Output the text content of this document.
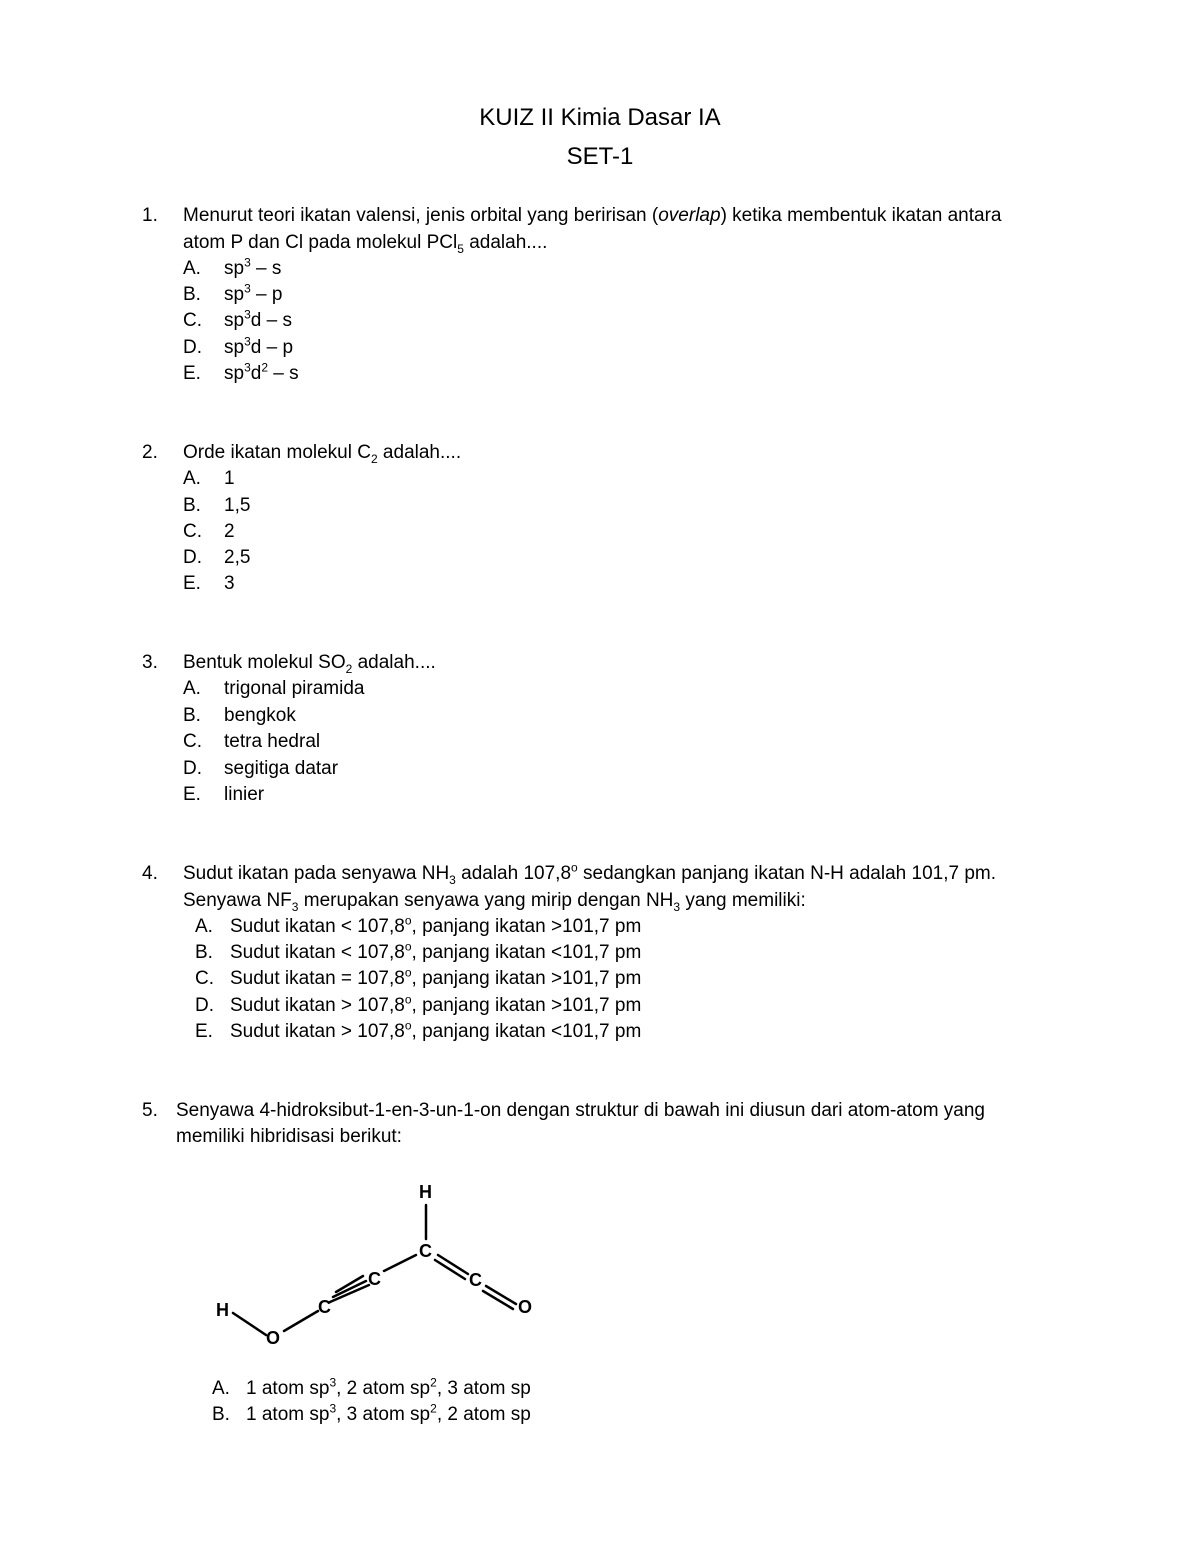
KUIZ II Kimia Dasar IA
SET-1
1. Menurut teori ikatan valensi, jenis orbital yang beririsan (overlap) ketika membentuk ikatan antara
atom P dan Cl pada molekul PCl$_5$ adalah....
A. $sp^3$ – s
B. $sp^3$ – p
C. $sp^3d$ – s
D. $sp^3d$ – p
E. $sp^3d^2$ – s
2. Orde ikatan molekul $C_2$ adalah....
A. 1
B. 1,5
C. 2
D. 2,5
E. 3
3. Bentuk molekul $SO_2$ adalah....
A. trigonal piramida
B. bengkok
C. tetra hedral
D. segitiga datar
E. linier
4. Sudut ikatan pada senyawa $NH_3$ adalah 107,8$^o$ sedangkan panjang ikatan N-H adalah 101,7 pm.
Senyawa $NF_3$ merupakan senyawa yang mirip dengan $NH_3$ yang memiliki:
A. Sudut $ikatan < 107,8^o$, panjang ikatan >101,7 pm
B. Sudut $ikatan < 107,8^o$, panjang ikatan <101,7 pm
C. Sudut $ikatan = 107,8^o$, panjang ikatan >101,7 pm
D. Sudut $ikatan > 107,8^o$, panjang ikatan >101,7 pm
E. Sudut $ikatan > 107,8^o$, panjang ikatan <101,7 pm
5. Senyawa 4-hidroksibut-1-en-3-un-1-on dengan struktur di bawah ini diusun dari atom-atom yang
memiliki hibridisasi berikut:
H
O
C
C
H
C
C
O
A. 1 atom $sp^3$, 2 atom $sp^2$, 3 atom sp
B. 1 atom $sp^3$, 3 atom $sp^2$, 2 atom sp
